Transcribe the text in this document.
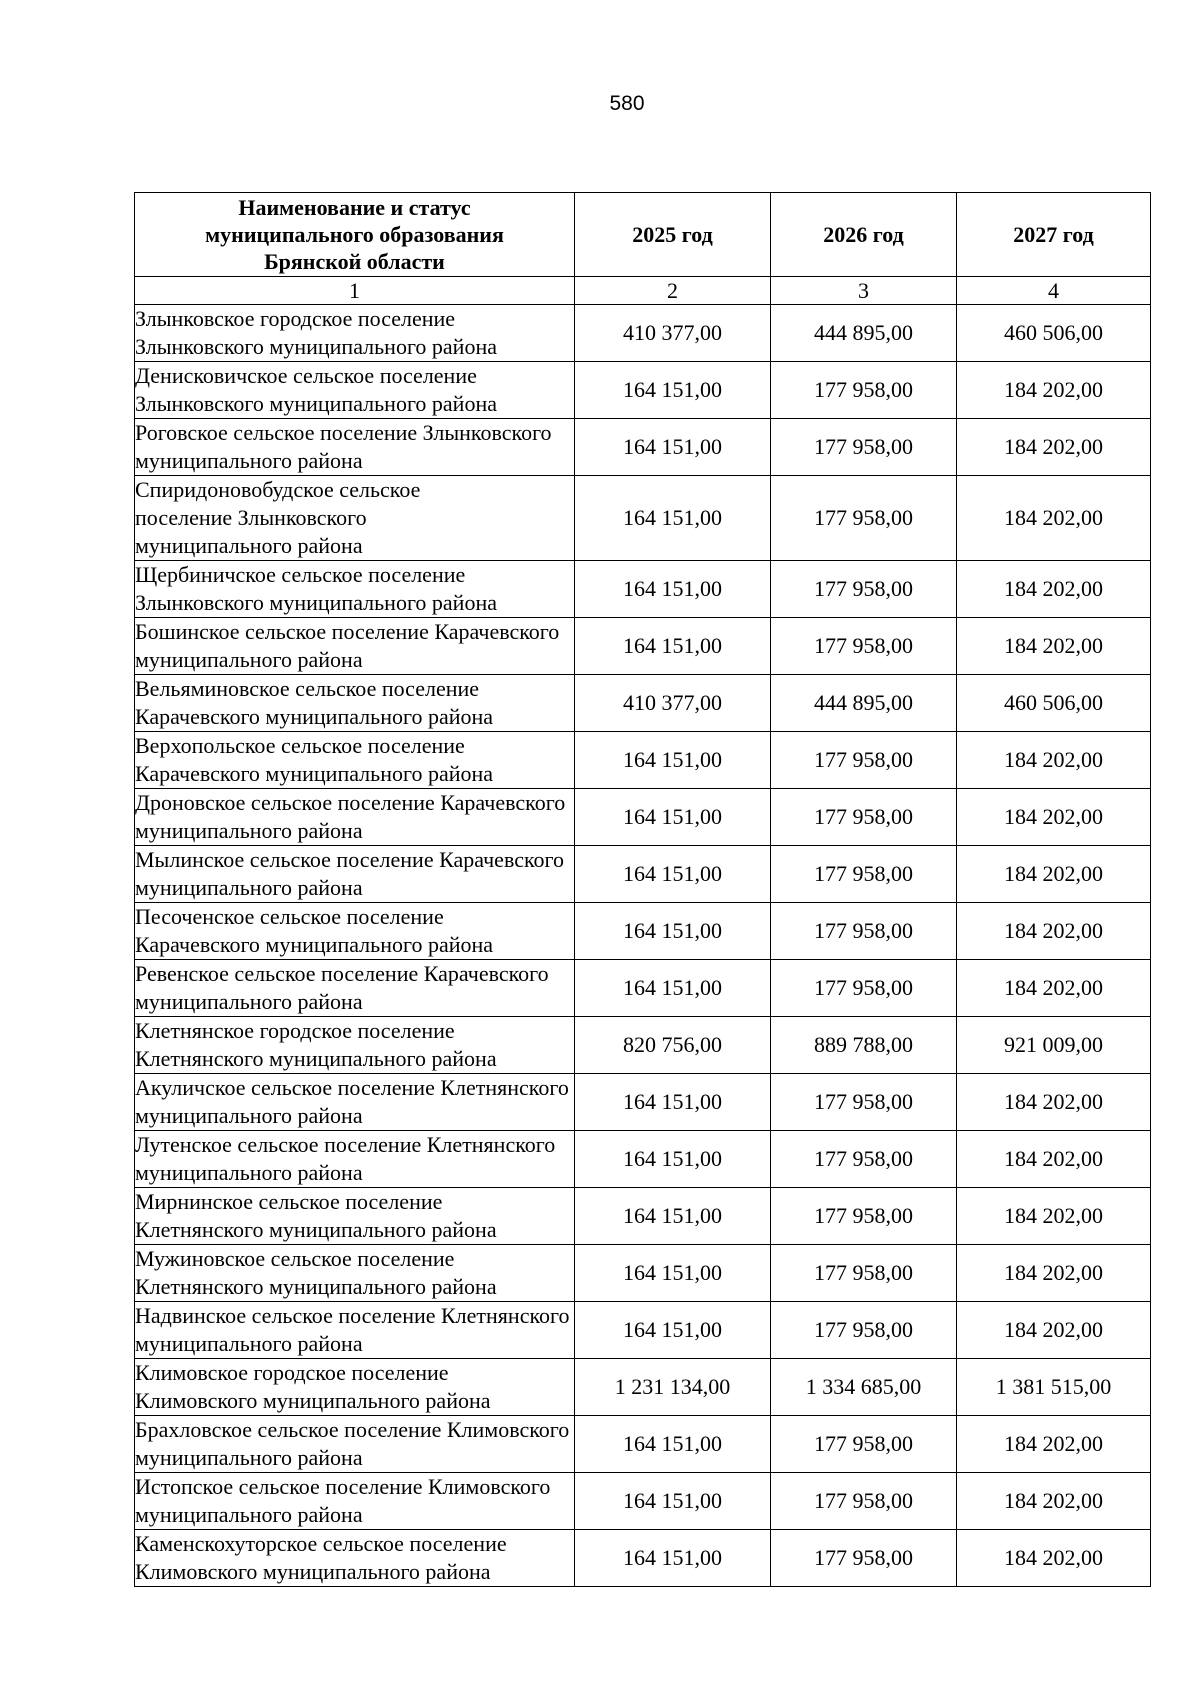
580
Наименование и статус муниципального образования Брянской области	2025 год	2026 год	2027 год
1	2	3	4
Злынковское городское поселение Злынковского муниципального района	410 377,00	444 895,00	460 506,00
Денисковичское сельское поселение Злынковского муниципального района	164 151,00	177 958,00	184 202,00
Роговское сельское поселение Злынковского муниципального района	164 151,00	177 958,00	184 202,00
Спиридоновобудское сельское поселение Злынковского муниципального района	164 151,00	177 958,00	184 202,00
Щербиничское сельское поселение Злынковского муниципального района	164 151,00	177 958,00	184 202,00
Бошинское сельское поселение Карачевского муниципального района	164 151,00	177 958,00	184 202,00
Вельяминовское сельское поселение Карачевского муниципального района	410 377,00	444 895,00	460 506,00
Верхопольское сельское поселение Карачевского муниципального района	164 151,00	177 958,00	184 202,00
Дроновское сельское поселение Карачевского муниципального района	164 151,00	177 958,00	184 202,00
Мылинское сельское поселение Карачевского муниципального района	164 151,00	177 958,00	184 202,00
Песоченское сельское поселение Карачевского муниципального района	164 151,00	177 958,00	184 202,00
Ревенское сельское поселение Карачевского муниципального района	164 151,00	177 958,00	184 202,00
Клетнянское городское поселение Клетнянского муниципального района	820 756,00	889 788,00	921 009,00
Акуличское сельское поселение Клетнянского муниципального района	164 151,00	177 958,00	184 202,00
Лутенское сельское поселение Клетнянского муниципального района	164 151,00	177 958,00	184 202,00
Мирнинское сельское поселение Клетнянского муниципального района	164 151,00	177 958,00	184 202,00
Мужиновское сельское поселение Клетнянского муниципального района	164 151,00	177 958,00	184 202,00
Надвинское сельское поселение Клетнянского муниципального района	164 151,00	177 958,00	184 202,00
Климовское городское поселение Климовского муниципального района	1 231 134,00	1 334 685,00	1 381 515,00
Брахловское сельское поселение Климовского муниципального района	164 151,00	177 958,00	184 202,00
Истопское сельское поселение Климовского муниципального района	164 151,00	177 958,00	184 202,00
Каменскохуторское сельское поселение Климовского муниципального района	164 151,00	177 958,00	184 202,00
